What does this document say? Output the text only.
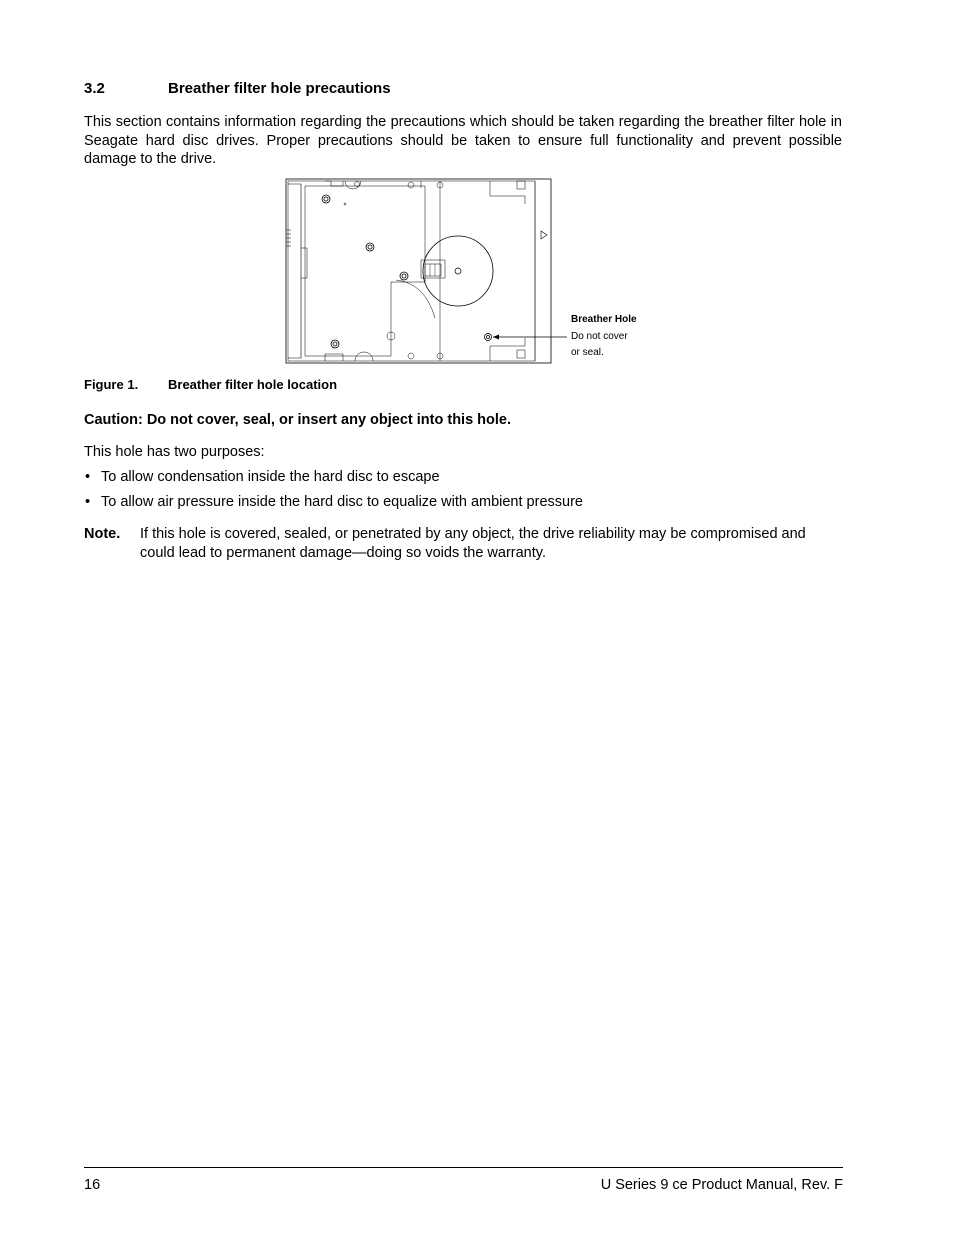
3.2	Breather filter hole precautions
This section contains information regarding the precautions which should be taken regarding the breather filter hole in Seagate hard disc drives. Proper precautions should be taken to ensure full functionality and prevent possible damage to the drive.
Breather Hole
Do not cover
or seal.
Figure 1. Breather filter hole location
Caution: Do not cover, seal, or insert any object into this hole.
This hole has two purposes:
• To allow condensation inside the hard disc to escape
• To allow air pressure inside the hard disc to equalize with ambient pressure
Note. If this hole is covered, sealed, or penetrated by any object, the drive reliability may be compromised and could lead to permanent damage—doing so voids the warranty.
16	U Series 9 ce Product Manual, Rev. F
